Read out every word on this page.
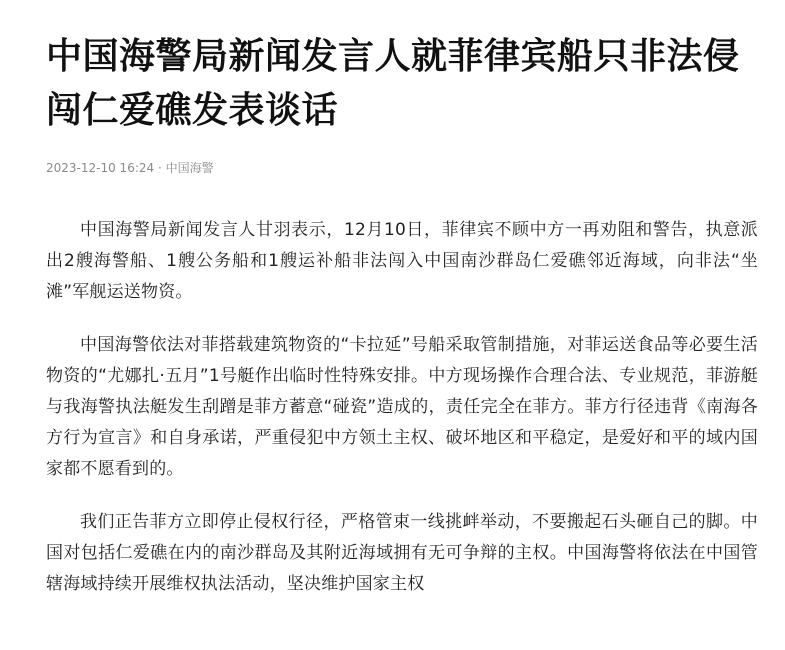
中国海警局新闻发言人就菲律宾船只非法侵闯仁爱礁发表谈话
2023-12-10 16:24 · 中国海警

中国海警局新闻发言人甘羽表示，12月10日，菲律宾不顾中方一再劝阻和警告，执意派出2艘海警船、1艘公务船和1艘运补船非法闯入中国南沙群岛仁爱礁邻近海域，向非法“坐滩”军舰运送物资。

中国海警依法对菲搭载建筑物资的“卡拉延”号船采取管制措施，对菲运送食品等必要生活物资的“尤娜扎·五月”1号艇作出临时性特殊安排。中方现场操作合理合法、专业规范，菲游艇与我海警执法艇发生刮蹭是菲方蓄意“碰瓷”造成的，责任完全在菲方。菲方行径违背《南海各方行为宣言》和自身承诺，严重侵犯中方领土主权、破坏地区和平稳定，是爱好和平的域内国家都不愿看到的。

我们正告菲方立即停止侵权行径，严格管束一线挑衅举动，不要搬起石头砸自己的脚。中国对包括仁爱礁在内的南沙群岛及其附近海域拥有无可争辩的主权。中国海警将依法在中国管辖海域持续开展维权执法活动，坚决维护国家主权
